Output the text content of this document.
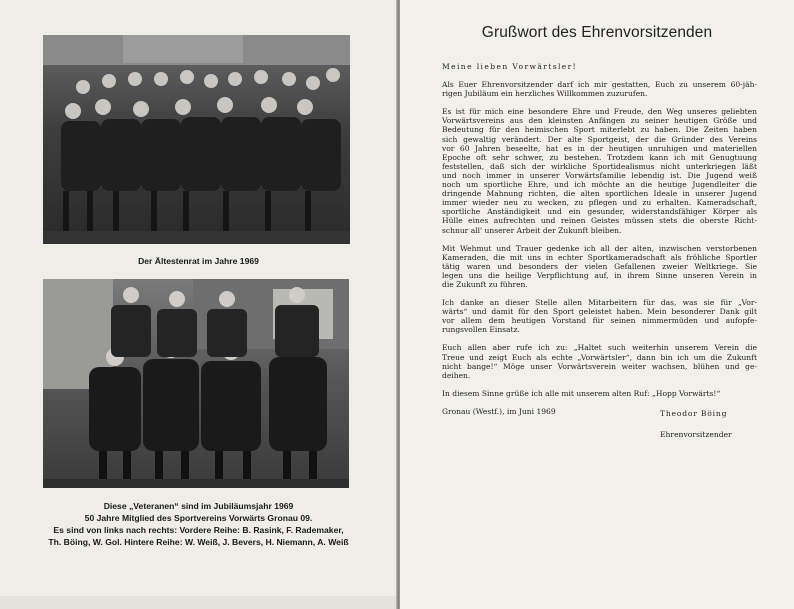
Der Ältestenrat im Jahre 1969
Diese „Veteranen“ sind im Jubiläumsjahr 1969
50 Jahre Mitglied des Sportvereins Vorwärts Gronau 09.
Es sind von links nach rechts: Vordere Reihe: B. Rasink, F. Rademaker,
Th. Böing, W. Gol. Hintere Reihe: W. Weiß, J. Bevers, H. Niemann, A. Weiß
Grußwort des Ehrenvorsitzenden

Meine lieben Vorwärtsler!

Als Euer Ehrenvorsitzender darf ich mir gestatten, Euch zu unserem 60-jäh-
rigen Jubiläum ein herzliches Willkommen zuzurufen.

Es ist für mich eine besondere Ehre und Freude, den Weg unseres geliebten
Vorwärtsvereins aus den kleinsten Anfängen zu seiner heutigen Größe und
Bedeutung für den heimischen Sport miterlebt zu haben. Die Zeiten haben
sich gewaltig verändert. Der alte Sportgeist, der die Gründer des Vereins
vor 60 Jahren beseelte, hat es in der heutigen unruhigen und materiellen
Epoche oft sehr schwer, zu bestehen. Trotzdem kann ich mit Genugtuung
feststellen, daß sich der wirkliche Sportidealismus nicht unterkriegen läßt
und noch immer in unserer Vorwärtsfamilie lebendig ist. Die Jugend weiß
noch um sportliche Ehre, und ich möchte an die heutige Jugendleiter die
dringende Mahnung richten, die alten sportlichen Ideale in unserer Jugend
immer wieder neu zu wecken, zu pflegen und zu erhalten. Kameradschaft,
sportliche Anständigkeit und ein gesunder, widerstandsfähiger Körper als
Hülle eines aufrechten und reinen Geistes müssen stets die oberste Richt-
schnur all' unserer Arbeit der Zukunft bleiben.

Mit Wehmut und Trauer gedenke ich all der alten, inzwischen verstorbenen
Kameraden, die mit uns in echter Sportkameradschaft als fröhliche Sportler
tätig waren und besonders der vielen Gefallenen zweier Weltkriege. Sie
legen uns die heilige Verpflichtung auf, in ihrem Sinne unseren Verein in
die Zukunft zu führen.

Ich danke an dieser Stelle allen Mitarbeitern für das, was sie für „Vor-
wärts“ und damit für den Sport geleistet haben. Mein besonderer Dank gilt
vor allem dem heutigen Vorstand für seinen nimmermüden und aufopfe-
rungsvollen Einsatz.

Euch allen aber rufe ich zu: „Haltet such weiterhin unserem Verein die
Treue und zeigt Euch als echte „Vorwärtsler“, dann bin ich um die Zukunft
nicht bange!“ Möge unser Vorwärtsverein weiter wachsen, blühen und ge-
deihen.

In diesem Sinne grüße ich alle mit unserem alten Ruf: „Hopp Vorwärts!“

Gronau (Westf.), im Juni 1969	Theodor Böing
Ehrenvorsitzender
